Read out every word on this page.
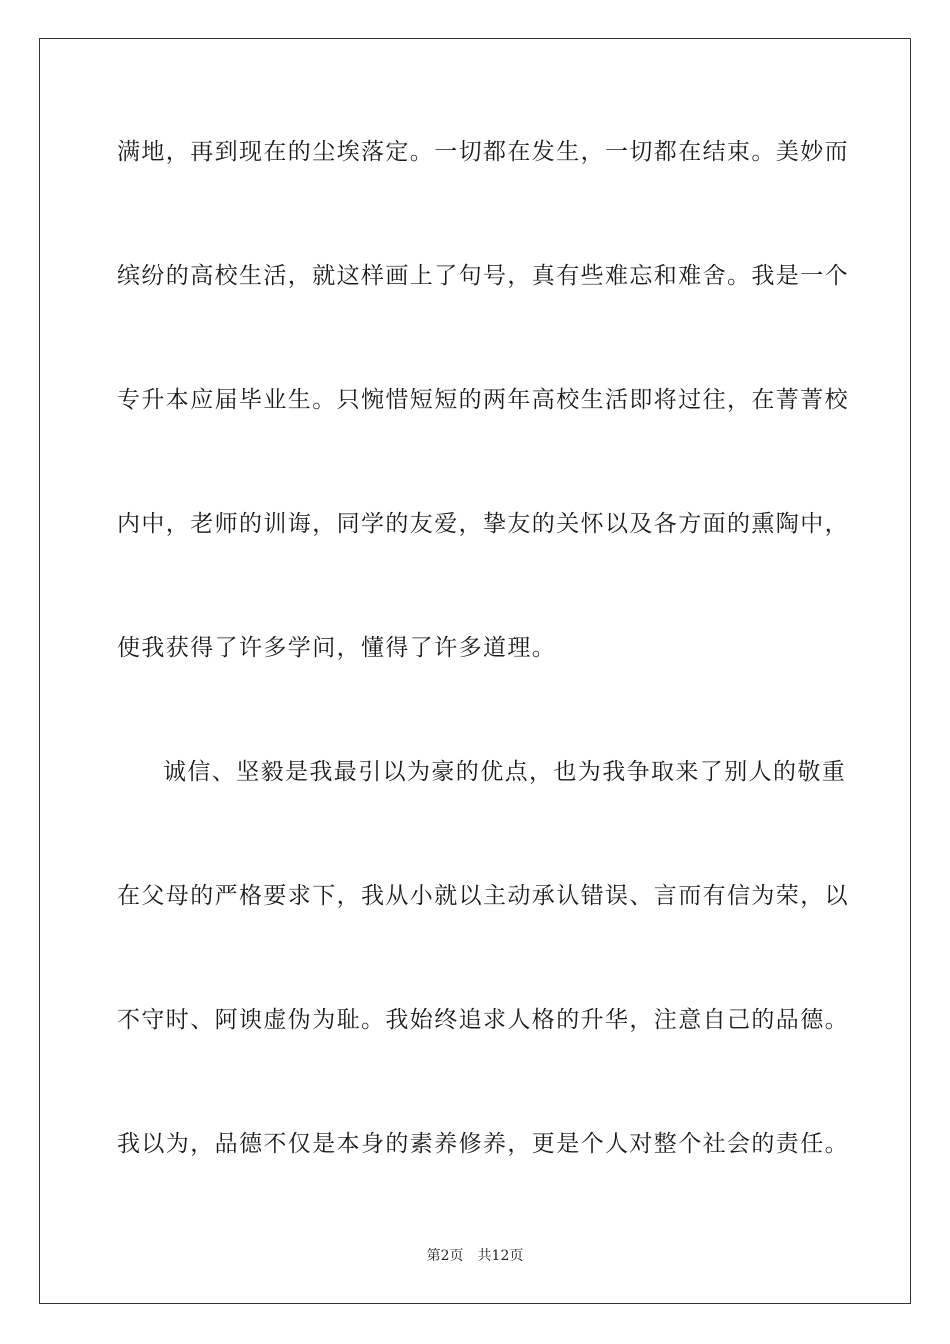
满地，再到现在的尘埃落定。一切都在发生，一切都在结束。美妙而
缤纷的高校生活，就这样画上了句号，真有些难忘和难舍。我是一个
专升本应届毕业生。只惋惜短短的两年高校生活即将过往，在菁菁校
内中，老师的训诲，同学的友爱，挚友的关怀以及各方面的熏陶中，
使我获得了许多学问，懂得了许多道理。
诚信、坚毅是我最引以为豪的优点，也为我争取来了别人的敬重
在父母的严格要求下，我从小就以主动承认错误、言而有信为荣，以
不守时、阿谀虚伪为耻。我始终追求人格的升华，注意自己的品德。
我以为，品德不仅是本身的素养修养，更是个人对整个社会的责任。
第2页 共12页
